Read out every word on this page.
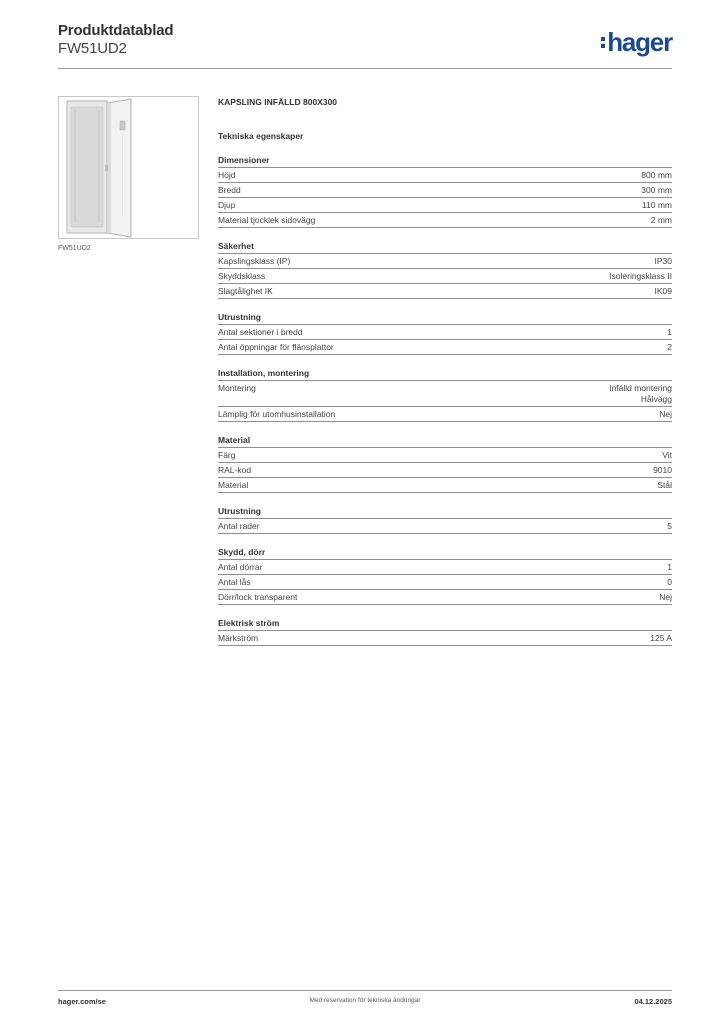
Produktdatablad
FW51UD2	hager
FW51UD2
KAPSLING INFÄLLD 800X300
Tekniska egenskaper
Dimensioner
Höjd	800 mm
Bredd	300 mm
Djup	110 mm
Material tjocklek sidovägg	2 mm
Säkerhet
Kapslingsklass (IP)	IP30
Skyddsklass	Isoleringsklass II
Slagtålighet IK	IK09
Utrustning
Antal sektioner i bredd	1
Antal öppningar för flänsplattor	2
Installation, montering
Montering	Infälld montering
Hålvägg
Lämplig för utomhusinstallation	Nej
Material
Färg	Vit
RAL-kod	9010
Material	Stål
Utrustning
Antal rader	5
Skydd, dörr
Antal dörrar	1
Antal lås	0
Dörr/lock transparent	Nej
Elektrisk ström
Märkström	125 A
hager.com/se	Med reservation för tekniska ändringar	04.12.2025
